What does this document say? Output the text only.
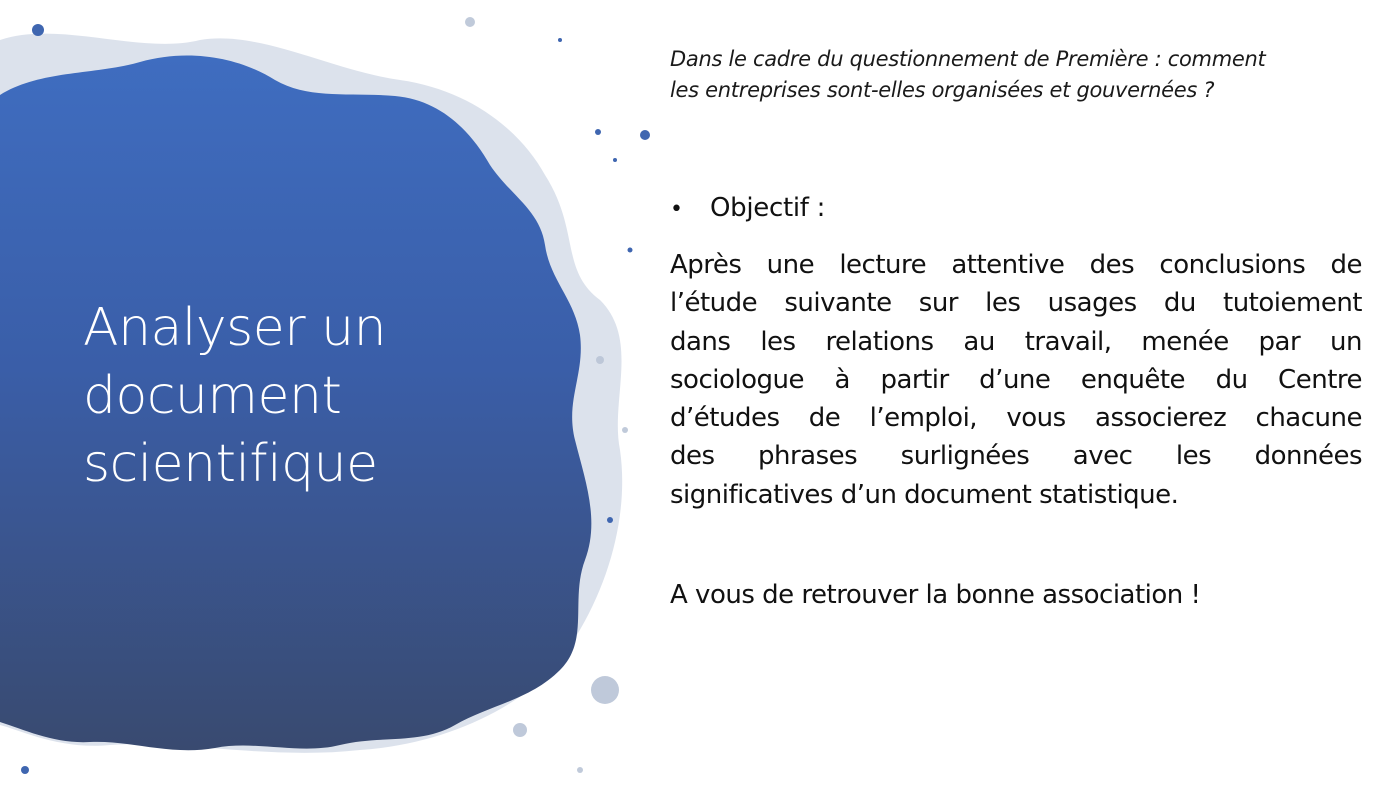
Analyser un
document
scientifique

Dans le cadre du questionnement de Première : comment
les entreprises sont-elles organisées et gouvernées ?

•	Objectif :

Après une lecture attentive des conclusions de
l’étude suivante sur les usages du tutoiement
dans les relations au travail, menée par un
sociologue à partir d’une enquête du Centre
d’études de l’emploi, vous associerez chacune
des phrases surlignées avec les données
significatives d’un document statistique.

A vous de retrouver la bonne association !
